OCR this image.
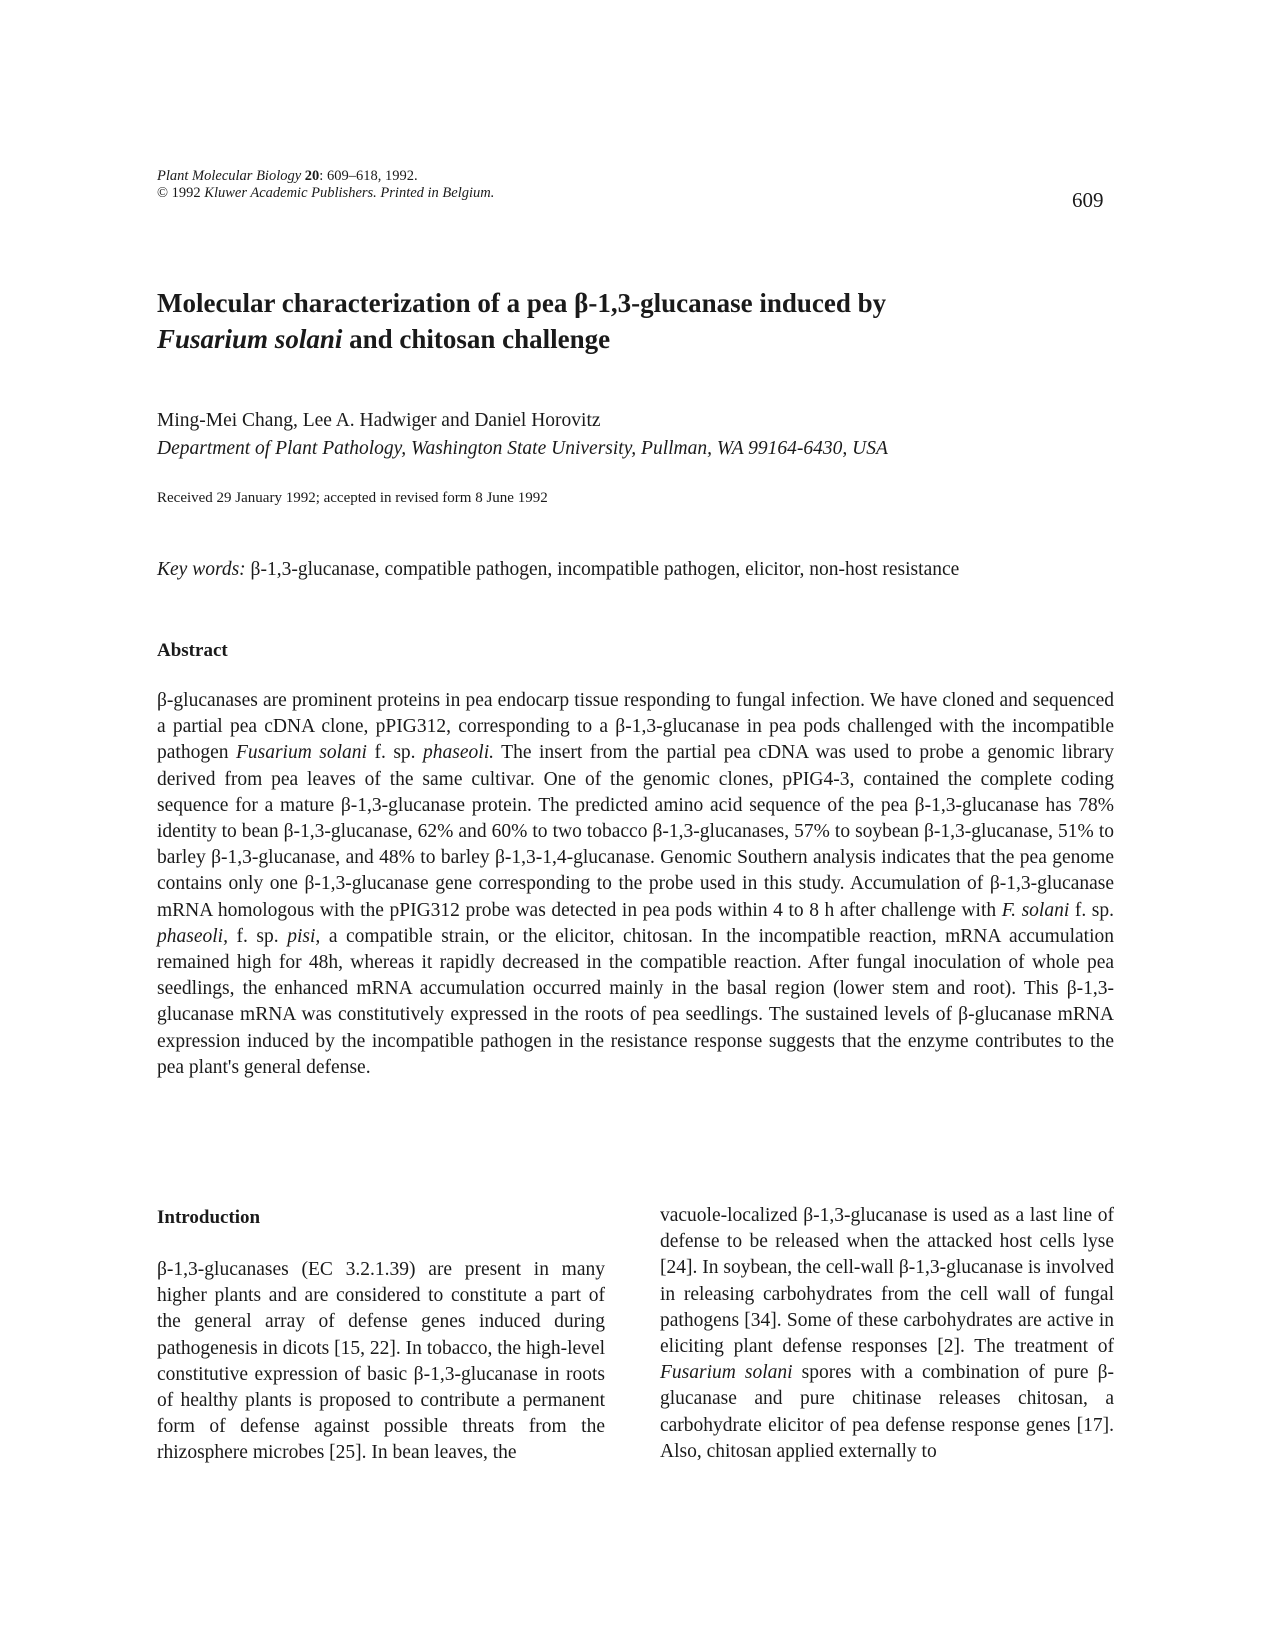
Plant Molecular Biology 20: 609–618, 1992.
© 1992 Kluwer Academic Publishers. Printed in Belgium.	609
Molecular characterization of a pea β-1,3-glucanase induced by
Fusarium solani and chitosan challenge
Ming-Mei Chang, Lee A. Hadwiger and Daniel Horovitz
Department of Plant Pathology, Washington State University, Pullman, WA 99164-6430, USA
Received 29 January 1992; accepted in revised form 8 June 1992
Key words: β-1,3-glucanase, compatible pathogen, incompatible pathogen, elicitor, non-host resistance
Abstract

β-glucanases are prominent proteins in pea endocarp tissue responding to fungal infection. We have cloned and sequenced a partial pea cDNA clone, pPIG312, corresponding to a β-1,3-glucanase in pea pods challenged with the incompatible pathogen Fusarium solani f. sp. phaseoli. The insert from the partial pea cDNA was used to probe a genomic library derived from pea leaves of the same cultivar. One of the genomic clones, pPIG4-3, contained the complete coding sequence for a mature β-1,3-glucanase protein. The predicted amino acid sequence of the pea β-1,3-glucanase has 78% identity to bean β-1,3-glucanase, 62% and 60% to two tobacco β-1,3-glucanases, 57% to soybean β-1,3-glucanase, 51% to barley β-1,3-glucanase, and 48% to barley β-1,3-1,4-glucanase. Genomic Southern analysis indicates that the pea genome contains only one β-1,3-glucanase gene corresponding to the probe used in this study. Accumulation of β-1,3-glucanase mRNA homologous with the pPIG312 probe was detected in pea pods within 4 to 8 h after challenge with F. solani f. sp. phaseoli, f. sp. pisi, a compatible strain, or the elicitor, chitosan. In the incompatible reaction, mRNA accumulation remained high for 48h, whereas it rapidly decreased in the compatible reaction. After fungal inoculation of whole pea seedlings, the enhanced mRNA accumulation occurred mainly in the basal region (lower stem and root). This β-1,3-glucanase mRNA was constitutively expressed in the roots of pea seedlings. The sustained levels of β-glucanase mRNA expression induced by the incompatible pathogen in the resistance response suggests that the enzyme contributes to the pea plant's general defense.

Introduction

β-1,3-glucanases (EC 3.2.1.39) are present in many higher plants and are considered to constitute a part of the general array of defense genes induced during pathogenesis in dicots [15, 22]. In tobacco, the high-level constitutive expression of basic β-1,3-glucanase in roots of healthy plants is proposed to contribute a permanent form of defense against possible threats from the rhizosphere microbes [25]. In bean leaves, the

vacuole-localized β-1,3-glucanase is used as a last line of defense to be released when the attacked host cells lyse [24]. In soybean, the cell-wall β-1,3-glucanase is involved in releasing carbohydrates from the cell wall of fungal pathogens [34]. Some of these carbohydrates are active in eliciting plant defense responses [2]. The treatment of Fusarium solani spores with a combination of pure β-glucanase and pure chitinase releases chitosan, a carbohydrate elicitor of pea defense response genes [17]. Also, chitosan applied externally to
